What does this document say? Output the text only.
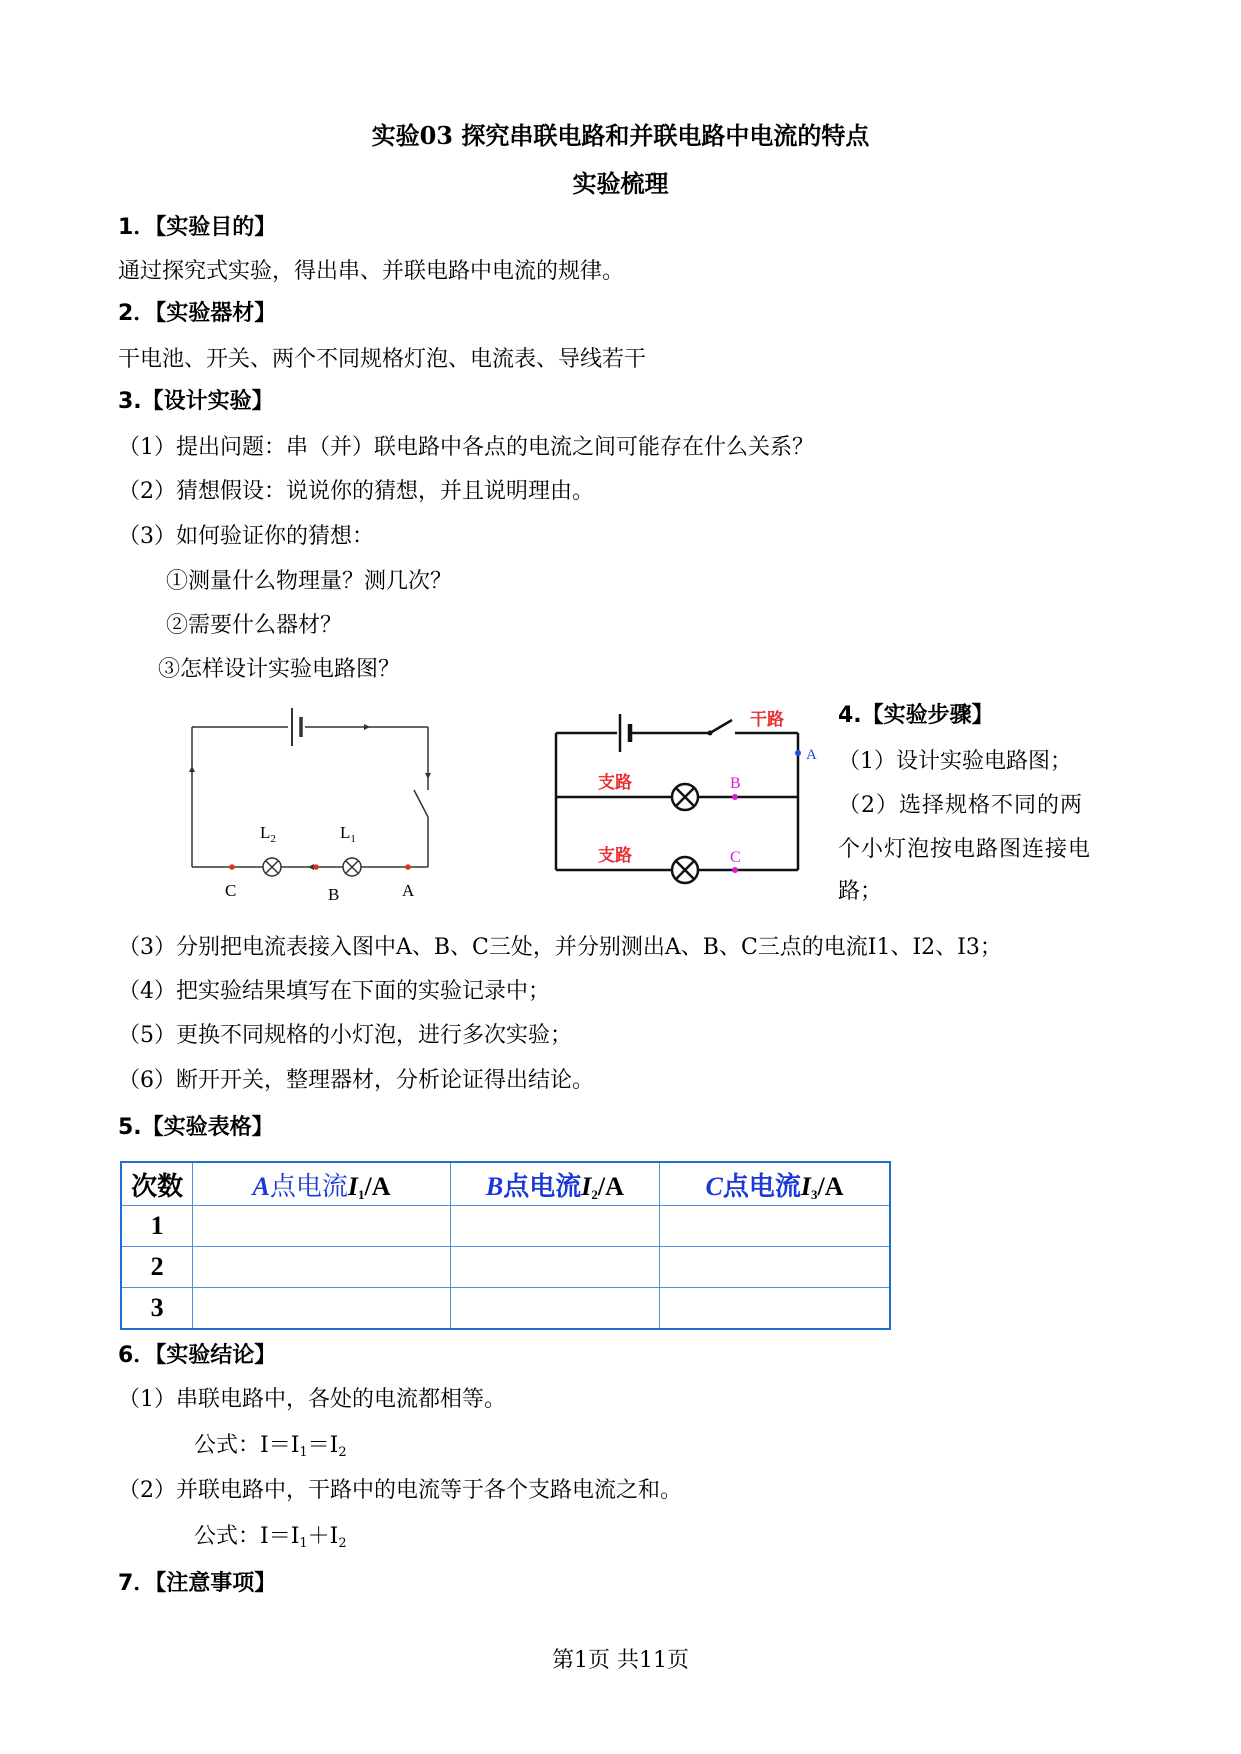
实验03 探究串联电路和并联电路中电流的特点
实验梳理
1．【实验目的】
通过探究式实验，得出串、并联电路中电流的规律。
2．【实验器材】
干电池、开关、两个不同规格灯泡、电流表、导线若干
3.【设计实验】
（1）提出问题：串（并）联电路中各点的电流之间可能存在什么关系？
（2）猜想假设：说说你的猜想，并且说明理由。
（3）如何验证你的猜想：
①测量什么物理量？测几次？
②需要什么器材？
③怎样设计实验电路图？
$L_2$	$L_1$
C	B	A
干路
支路
支路
A
B
C
4.【实验步骤】
（1）设计实验电路图；
（2）选择规格不同的两
个小灯泡按电路图连接电
路；
（3）分别把电流表接入图中A、B、C三处，并分别测出A、B、C三点的电流I1、I2、I3；
（4）把实验结果填写在下面的实验记录中；
（5）更换不同规格的小灯泡，进行多次实验；
（6）断开开关，整理器材，分析论证得出结论。
5.【实验表格】
次数	A点电流$I_1/A$	B点电流$I_2/A$	C点电流$I_3/A$
1			
2			
3			
6．【实验结论】
（1）串联电路中，各处的电流都相等。
公式：$I=I_1=I_2$
（2）并联电路中，干路中的电流等于各个支路电流之和。
公式：$I=I_1+I_2$
7．【注意事项】
第1页 共11页
